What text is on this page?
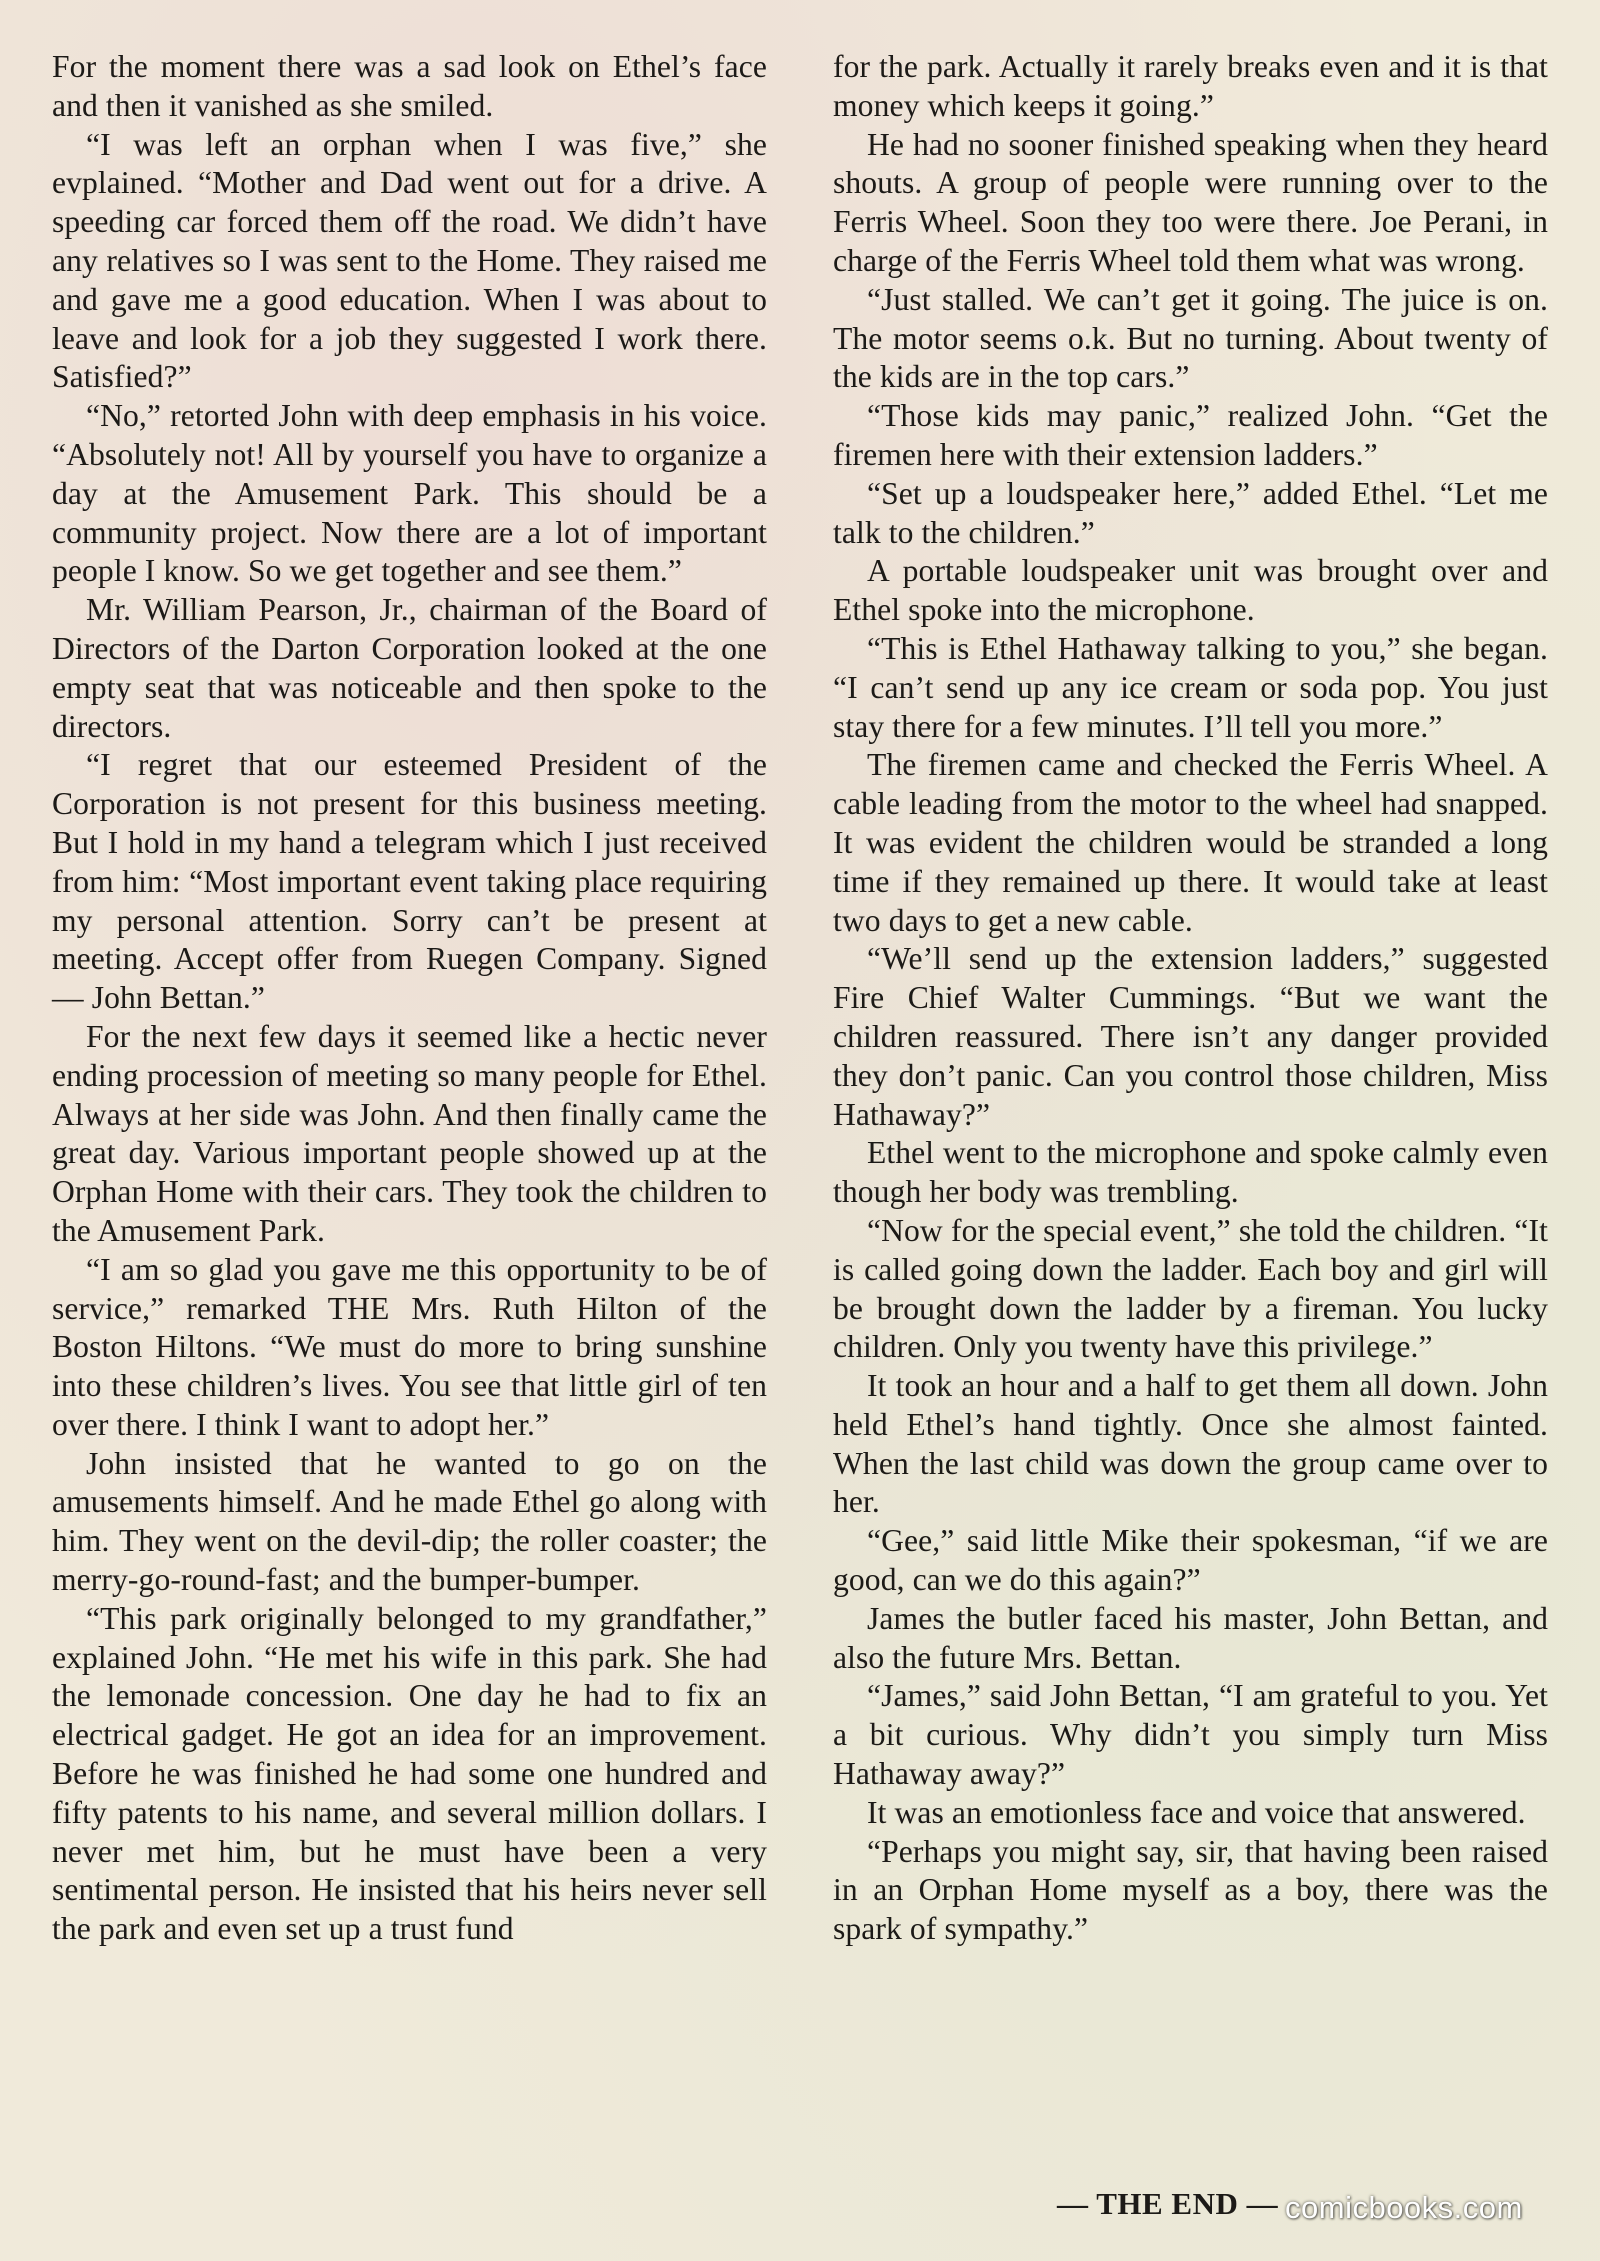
For the moment there was a sad look on Ethel’s face and then it vanished as she smiled.

“I was left an orphan when I was five,” she evplained. “Mother and Dad went out for a drive. A speeding car forced them off the road. We didn’t have any relatives so I was sent to the Home. They raised me and gave me a good education. When I was about to leave and look for a job they suggested I work there. Satisfied?”

“No,” retorted John with deep emphasis in his voice. “Absolutely not! All by yourself you have to organize a day at the Amusement Park. This should be a community project. Now there are a lot of important people I know. So we get together and see them.”

Mr. William Pearson, Jr., chairman of the Board of Directors of the Darton Corporation looked at the one empty seat that was noticeable and then spoke to the directors.

“I regret that our esteemed President of the Corporation is not present for this business meeting. But I hold in my hand a telegram which I just received from him: “Most important event taking place requiring my personal attention. Sorry can’t be present at meeting. Accept offer from Ruegen Company. Signed — John Bettan.”

For the next few days it seemed like a hectic never ending procession of meeting so many people for Ethel. Always at her side was John. And then finally came the great day. Various important people showed up at the Orphan Home with their cars. They took the children to the Amusement Park.

“I am so glad you gave me this opportunity to be of service,” remarked THE Mrs. Ruth Hilton of the Boston Hiltons. “We must do more to bring sunshine into these children’s lives. You see that little girl of ten over there. I think I want to adopt her.”

John insisted that he wanted to go on the amusements himself. And he made Ethel go along with him. They went on the devil-dip; the roller coaster; the merry-go-round-fast; and the bumper-bumper.

“This park originally belonged to my grandfather,” explained John. “He met his wife in this park. She had the lemonade concession. One day he had to fix an electrical gadget. He got an idea for an improvement. Before he was finished he had some one hundred and fifty patents to his name, and several million dollars. I never met him, but he must have been a very sentimental person. He insisted that his heirs never sell the park and even set up a trust fund

for the park. Actually it rarely breaks even and it is that money which keeps it going.”

He had no sooner finished speaking when they heard shouts. A group of people were running over to the Ferris Wheel. Soon they too were there. Joe Perani, in charge of the Ferris Wheel told them what was wrong.

“Just stalled. We can’t get it going. The juice is on. The motor seems o.k. But no turning. About twenty of the kids are in the top cars.”

“Those kids may panic,” realized John. “Get the firemen here with their extension ladders.”

“Set up a loudspeaker here,” added Ethel. “Let me talk to the children.”

A portable loudspeaker unit was brought over and Ethel spoke into the microphone.

“This is Ethel Hathaway talking to you,” she began. “I can’t send up any ice cream or soda pop. You just stay there for a few minutes. I’ll tell you more.”

The firemen came and checked the Ferris Wheel. A cable leading from the motor to the wheel had snapped. It was evident the children would be stranded a long time if they remained up there. It would take at least two days to get a new cable.

“We’ll send up the extension ladders,” suggested Fire Chief Walter Cummings. “But we want the children reassured. There isn’t any danger provided they don’t panic. Can you control those children, Miss Hathaway?”

Ethel went to the microphone and spoke calmly even though her body was trembling.

“Now for the special event,” she told the children. “It is called going down the ladder. Each boy and girl will be brought down the ladder by a fireman. You lucky children. Only you twenty have this privilege.”

It took an hour and a half to get them all down. John held Ethel’s hand tightly. Once she almost fainted. When the last child was down the group came over to her.

“Gee,” said little Mike their spokesman, “if we are good, can we do this again?”

James the butler faced his master, John Bettan, and also the future Mrs. Bettan.

“James,” said John Bettan, “I am grateful to you. Yet a bit curious. Why didn’t you simply turn Miss Hathaway away?”

It was an emotionless face and voice that answered.

“Perhaps you might say, sir, that having been raised in an Orphan Home myself as a boy, there was the spark of sympathy.”

— THE END — comicbooks.com
